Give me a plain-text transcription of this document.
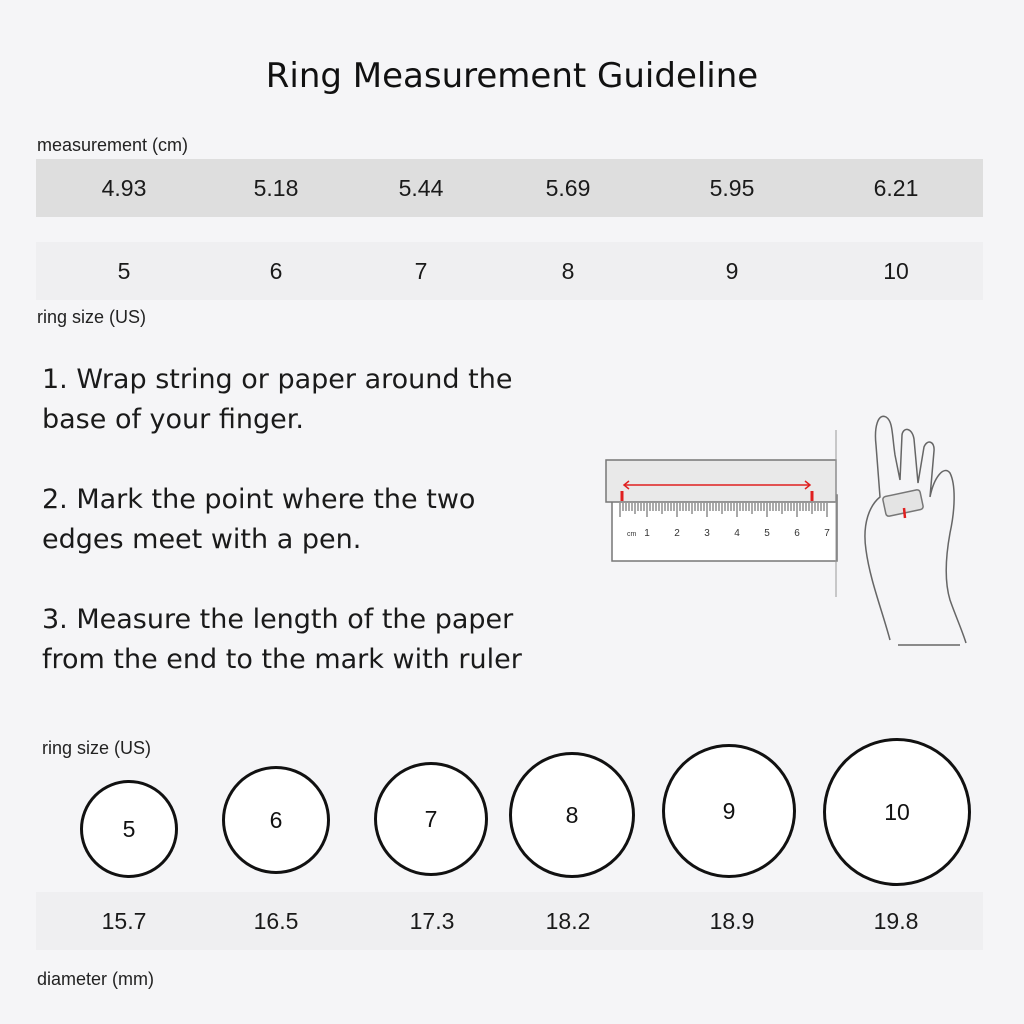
Ring Measurement Guideline
measurement (cm)
4.93	5.18	5.44	5.69	5.95	6.21
5	6	7	8	9	10
ring size (US)

1. Wrap string or paper around the base of your finger.

2. Mark the point where the two edges meet with a pen.

3. Measure the length of the paper from the end to the mark with ruler

cm 1 2 3 4 5 6 7
ring size (US)
5	6	7	8	9	10
15.7	16.5	17.3	18.2	18.9	19.8
diameter (mm)
